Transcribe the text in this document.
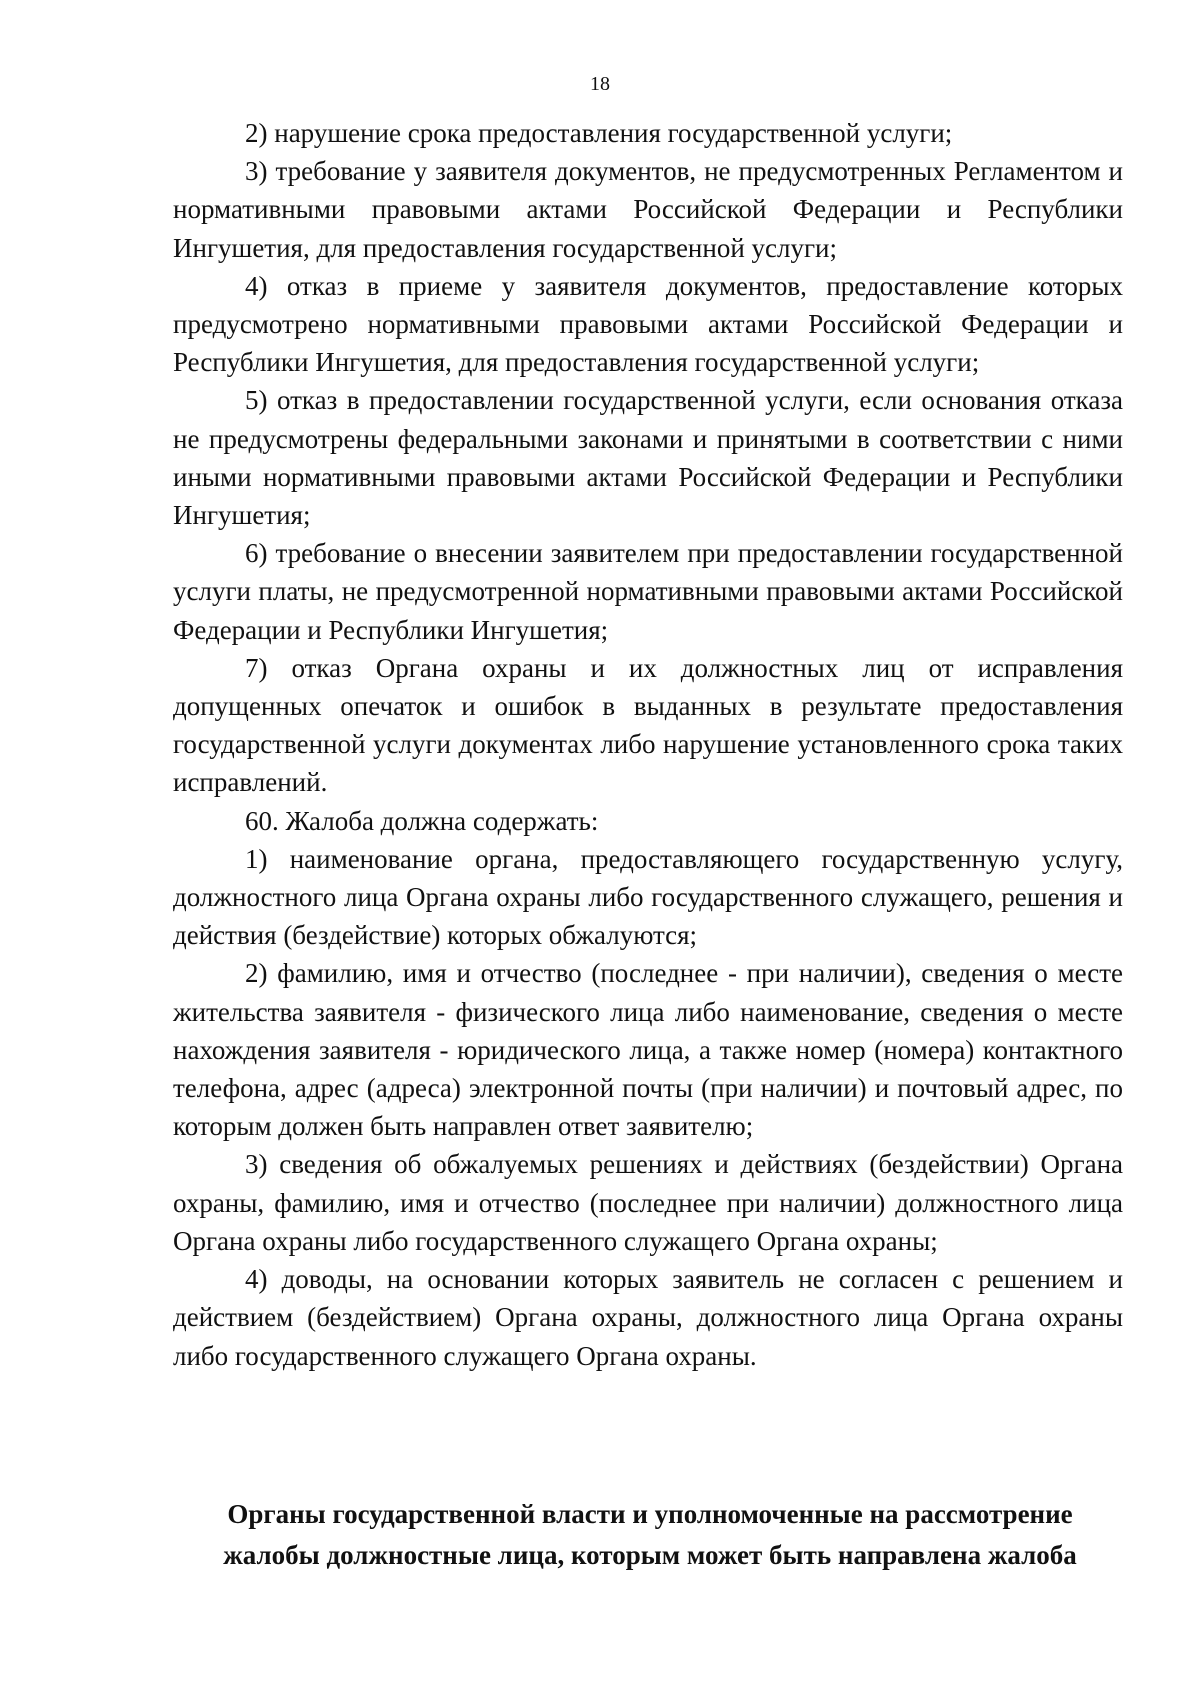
18

2) нарушение срока предоставления государственной услуги;

3) требование у заявителя документов, не предусмотренных Регламентом и нормативными правовыми актами Российской Федерации и Республики Ингушетия, для предоставления государственной услуги;

4) отказ в приеме у заявителя документов, предоставление которых предусмотрено нормативными правовыми актами Российской Федерации и Республики Ингушетия, для предоставления государственной услуги;

5) отказ в предоставлении государственной услуги, если основания отказа не предусмотрены федеральными законами и принятыми в соответствии с ними иными нормативными правовыми актами Российской Федерации и Республики Ингушетия;

6) требование о внесении заявителем при предоставлении государственной услуги платы, не предусмотренной нормативными правовыми актами Российской Федерации и Республики Ингушетия;

7) отказ Органа охраны и их должностных лиц от исправления допущенных опечаток и ошибок в выданных в результате предоставления государственной услуги документах либо нарушение установленного срока таких исправлений.

60. Жалоба должна содержать:

1) наименование органа, предоставляющего государственную услугу, должностного лица Органа охраны либо государственного служащего, решения и действия (бездействие) которых обжалуются;

2) фамилию, имя и отчество (последнее - при наличии), сведения о месте жительства заявителя - физического лица либо наименование, сведения о месте нахождения заявителя - юридического лица, а также номер (номера) контактного телефона, адрес (адреса) электронной почты (при наличии) и почтовый адрес, по которым должен быть направлен ответ заявителю;

3) сведения об обжалуемых решениях и действиях (бездействии) Органа охраны, фамилию, имя и отчество (последнее при наличии) должностного лица Органа охраны либо государственного служащего Органа охраны;

4) доводы, на основании которых заявитель не согласен с решением и действием (бездействием) Органа охраны, должностного лица Органа охраны либо государственного служащего Органа охраны.

Органы государственной власти и уполномоченные на рассмотрение
жалобы должностные лица, которым может быть направлена жалоба
